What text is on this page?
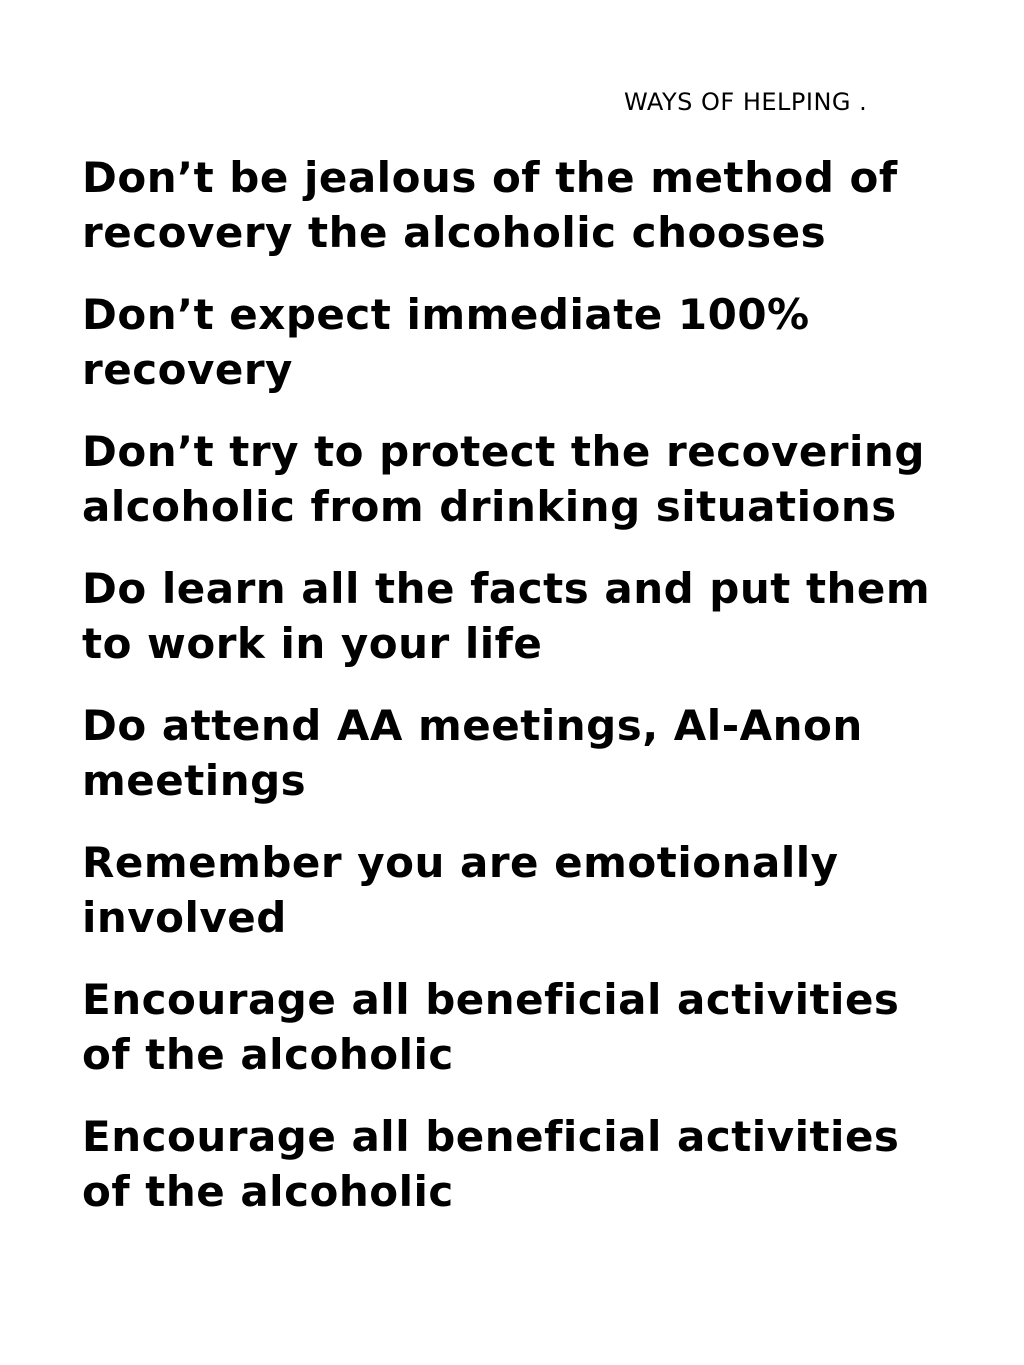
WAYS OF HELPING .
Don’t be jealous of the method of recovery the alcoholic chooses
Don’t expect immediate 100% recovery
Don’t try to protect the recovering alcoholic from drinking situations
Do learn all the facts and put them to work in your life
Do attend AA meetings, Al-Anon meetings
Remember you are emotionally involved
Encourage all beneficial activities of the alcoholic
Encourage all beneficial activities of the alcoholic
